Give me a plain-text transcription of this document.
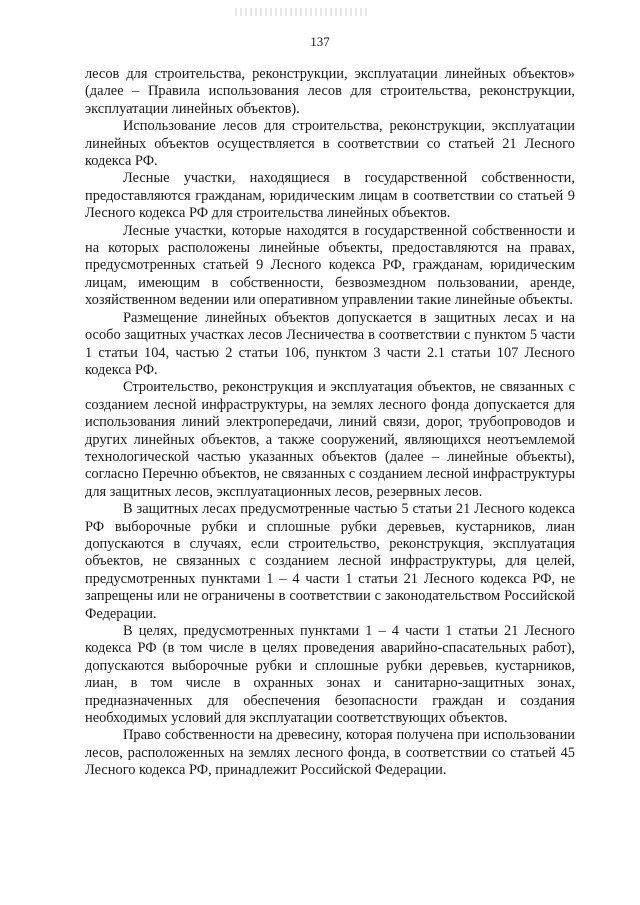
137

лесов для строительства, реконструкции, эксплуатации линейных объектов» (далее – Правила использования лесов для строительства, реконструкции, эксплуатации линейных объектов).

Использование лесов для строительства, реконструкции, эксплуатации линейных объектов осуществляется в соответствии со статьей 21 Лесного кодекса РФ.

Лесные участки, находящиеся в государственной собственности, предоставляются гражданам, юридическим лицам в соответствии со статьей 9 Лесного кодекса РФ для строительства линейных объектов.

Лесные участки, которые находятся в государственной собственности и на которых расположены линейные объекты, предоставляются на правах, предусмотренных статьей 9 Лесного кодекса РФ, гражданам, юридическим лицам, имеющим в собственности, безвозмездном пользовании, аренде, хозяйственном ведении или оперативном управлении такие линейные объекты.

Размещение линейных объектов допускается в защитных лесах и на особо защитных участках лесов Лесничества в соответствии с пунктом 5 части 1 статьи 104, частью 2 статьи 106, пунктом 3 части 2.1 статьи 107 Лесного кодекса РФ.

Строительство, реконструкция и эксплуатация объектов, не связанных с созданием лесной инфраструктуры, на землях лесного фонда допускается для использования линий электропередачи, линий связи, дорог, трубопроводов и других линейных объектов, а также сооружений, являющихся неотъемлемой технологической частью указанных объектов (далее – линейные объекты), согласно Перечню объектов, не связанных с созданием лесной инфраструктуры для защитных лесов, эксплуатационных лесов, резервных лесов.

В защитных лесах предусмотренные частью 5 статьи 21 Лесного кодекса РФ выборочные рубки и сплошные рубки деревьев, кустарников, лиан допускаются в случаях, если строительство, реконструкция, эксплуатация объектов, не связанных с созданием лесной инфраструктуры, для целей, предусмотренных пунктами 1 – 4 части 1 статьи 21 Лесного кодекса РФ, не запрещены или не ограничены в соответствии с законодательством Российской Федерации.

В целях, предусмотренных пунктами 1 – 4 части 1 статьи 21 Лесного кодекса РФ (в том числе в целях проведения аварийно-спасательных работ), допускаются выборочные рубки и сплошные рубки деревьев, кустарников, лиан, в том числе в охранных зонах и санитарно-защитных зонах, предназначенных для обеспечения безопасности граждан и создания необходимых условий для эксплуатации соответствующих объектов.

Право собственности на древесину, которая получена при использовании лесов, расположенных на землях лесного фонда, в соответствии со статьей 45 Лесного кодекса РФ, принадлежит Российской Федерации.
